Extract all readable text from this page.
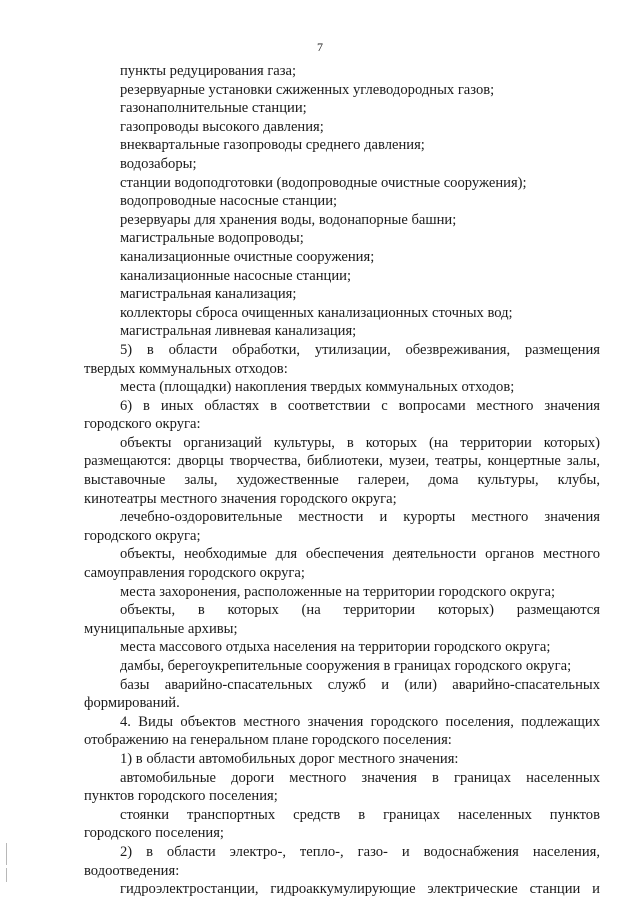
7

пункты редуцирования газа;

резервуарные установки сжиженных углеводородных газов;

газонаполнительные станции;

газопроводы высокого давления;

внеквартальные газопроводы среднего давления;

водозаборы;

станции водоподготовки (водопроводные очистные сооружения);

водопроводные насосные станции;

резервуары для хранения воды, водонапорные башни;

магистральные водопроводы;

канализационные очистные сооружения;

канализационные насосные станции;

магистральная канализация;

коллекторы сброса очищенных канализационных сточных вод;

магистральная ливневая канализация;

5) в области обработки, утилизации, обезвреживания, размещения
твердых коммунальных отходов:

места (площадки) накопления твердых коммунальных отходов;

6) в иных областях в соответствии с вопросами местного значения
городского округа:
объекты организаций культуры, в которых (на территории которых)
размещаются: дворцы творчества, библиотеки, музеи, театры, концертные залы,
выставочные залы, художественные галереи, дома культуры, клубы,
кинотеатры местного значения городского округа;
лечебно-оздоровительные местности и курорты местного значения
городского округа;
объекты, необходимые для обеспечения деятельности органов местного
самоуправления городского округа;

места захоронения, расположенные на территории городского округа;

объекты, в которых (на территории которых) размещаются
муниципальные архивы;

места массового отдыха населения на территории городского округа;

дамбы, берегоукрепительные сооружения в границах городского округа;

базы аварийно-спасательных служб и (или) аварийно-спасательных
формирований.
4. Виды объектов местного значения городского поселения, подлежащих
отображению на генеральном плане городского поселения:

1) в области автомобильных дорог местного значения:

автомобильные дороги местного значения в границах населенных
пунктов городского поселения;
стоянки транспортных средств в границах населенных пунктов
городского поселения;
2) в области электро-, тепло-, газо- и водоснабжения населения,
водоотведения:
гидроэлектростанции, гидроаккумулирующие электрические станции и
